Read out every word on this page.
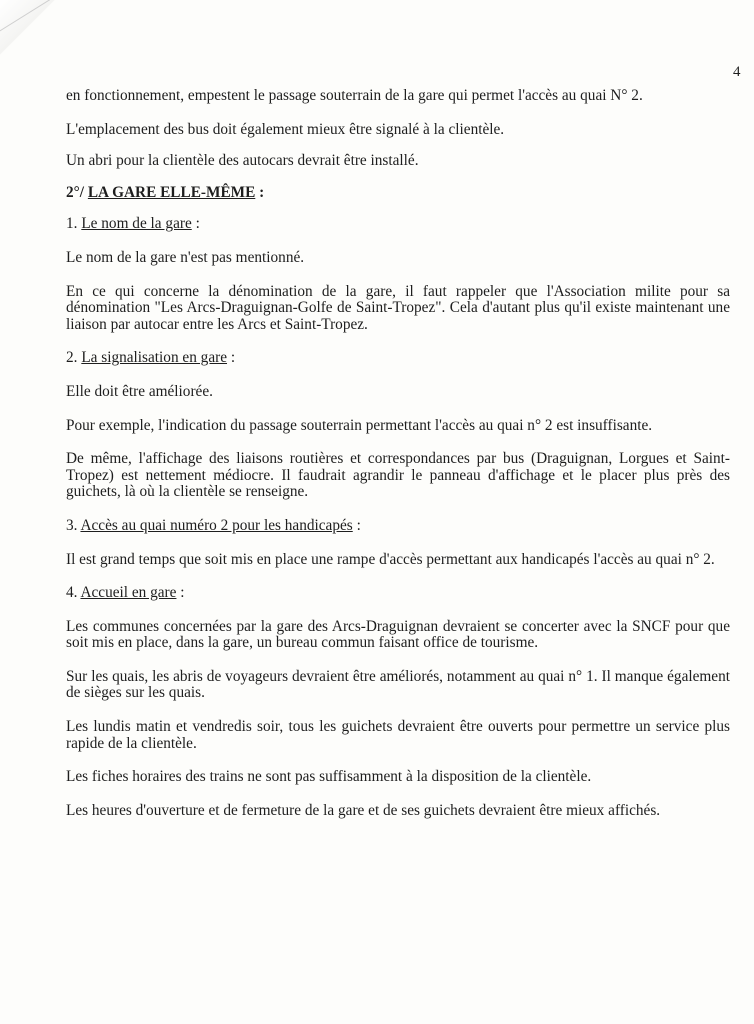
4

en fonctionnement, empestent le passage souterrain de la gare qui permet l'accès au quai N° 2.

L'emplacement des bus doit également mieux être signalé à la clientèle.

Un abri pour la clientèle des autocars devrait être installé.

2°/ LA GARE ELLE-MÊME :

1. Le nom de la gare :

Le nom de la gare n'est pas mentionné.

En ce qui concerne la dénomination de la gare, il faut rappeler que l'Association milite pour sa dénomination "Les Arcs-Draguignan-Golfe de Saint-Tropez". Cela d'autant plus qu'il existe maintenant une liaison par autocar entre les Arcs et Saint-Tropez.

2. La signalisation en gare :

Elle doit être améliorée.

Pour exemple, l'indication du passage souterrain permettant l'accès au quai n° 2 est insuffisante.

De même, l'affichage des liaisons routières et correspondances par bus (Draguignan, Lorgues et Saint-Tropez) est nettement médiocre. Il faudrait agrandir le panneau d'affichage et le placer plus près des guichets, là où la clientèle se renseigne.

3. Accès au quai numéro 2 pour les handicapés :

Il est grand temps que soit mis en place une rampe d'accès permettant aux handicapés l'accès au quai n° 2.

4. Accueil en gare :

Les communes concernées par la gare des Arcs-Draguignan devraient se concerter avec la SNCF pour que soit mis en place, dans la gare, un bureau commun faisant office de tourisme.

Sur les quais, les abris de voyageurs devraient être améliorés, notamment au quai n° 1. Il manque également de sièges sur les quais.

Les lundis matin et vendredis soir, tous les guichets devraient être ouverts pour permettre un service plus rapide de la clientèle.

Les fiches horaires des trains ne sont pas suffisamment à la disposition de la clientèle.

Les heures d'ouverture et de fermeture de la gare et de ses guichets devraient être mieux affichés.
